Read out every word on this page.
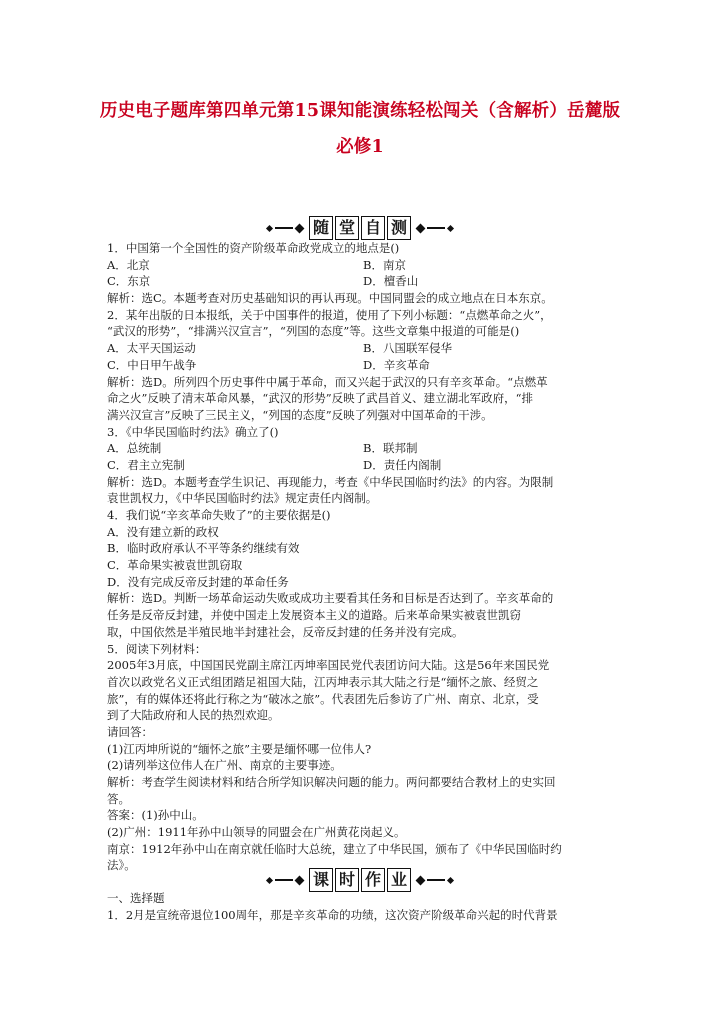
历史电子题库第四单元第15课知能演练轻松闯关（含解析）岳麓版
必修1
随 堂 自 测
1．中国第一个全国性的资产阶级革命政党成立的地点是()
A．北京	B．南京
C．东京	D．檀香山
解析：选C。本题考查对历史基础知识的再认再现。中国同盟会的成立地点在日本东京。
2．某年出版的日本报纸，关于中国事件的报道，使用了下列小标题：“点燃革命之火”，
“武汉的形势”，“排满兴汉宣言”，“列国的态度”等。这些文章集中报道的可能是()
A．太平天国运动	B．八国联军侵华
C．中日甲午战争	D．辛亥革命
解析：选D。所列四个历史事件中属于革命，而又兴起于武汉的只有辛亥革命。“点燃革
命之火”反映了清末革命风暴，“武汉的形势”反映了武昌首义、建立湖北军政府，“排
满兴汉宣言”反映了三民主义，“列国的态度”反映了列强对中国革命的干涉。
3．《中华民国临时约法》确立了()
A．总统制	B．联邦制
C．君主立宪制	D．责任内阁制
解析：选D。本题考查学生识记、再现能力，考查《中华民国临时约法》的内容。为限制
袁世凯权力，《中华民国临时约法》规定责任内阁制。
4．我们说“辛亥革命失败了”的主要依据是()
A．没有建立新的政权
B．临时政府承认不平等条约继续有效
C．革命果实被袁世凯窃取
D．没有完成反帝反封建的革命任务
解析：选D。判断一场革命运动失败或成功主要看其任务和目标是否达到了。辛亥革命的
任务是反帝反封建，并使中国走上发展资本主义的道路。后来革命果实被袁世凯窃
取，中国依然是半殖民地半封建社会，反帝反封建的任务并没有完成。
5．阅读下列材料：
2005年3月底，中国国民党副主席江丙坤率国民党代表团访问大陆。这是56年来国民党
首次以政党名义正式组团踏足祖国大陆，江丙坤表示其大陆之行是“缅怀之旅、经贸之
旅”，有的媒体还将此行称之为“破冰之旅”。代表团先后参访了广州、南京、北京，受
到了大陆政府和人民的热烈欢迎。
请回答：
(1)江丙坤所说的“缅怀之旅”主要是缅怀哪一位伟人?
(2)请列举这位伟人在广州、南京的主要事迹。
解析：考查学生阅读材料和结合所学知识解决问题的能力。两问都要结合教材上的史实回
答。
答案：(1)孙中山。
(2)广州：1911年孙中山领导的同盟会在广州黄花岗起义。
南京：1912年孙中山在南京就任临时大总统，建立了中华民国，颁布了《中华民国临时约
法》。
课 时 作 业
一、选择题
1．2月是宣统帝退位100周年，那是辛亥革命的功绩，这次资产阶级革命兴起的时代背景
